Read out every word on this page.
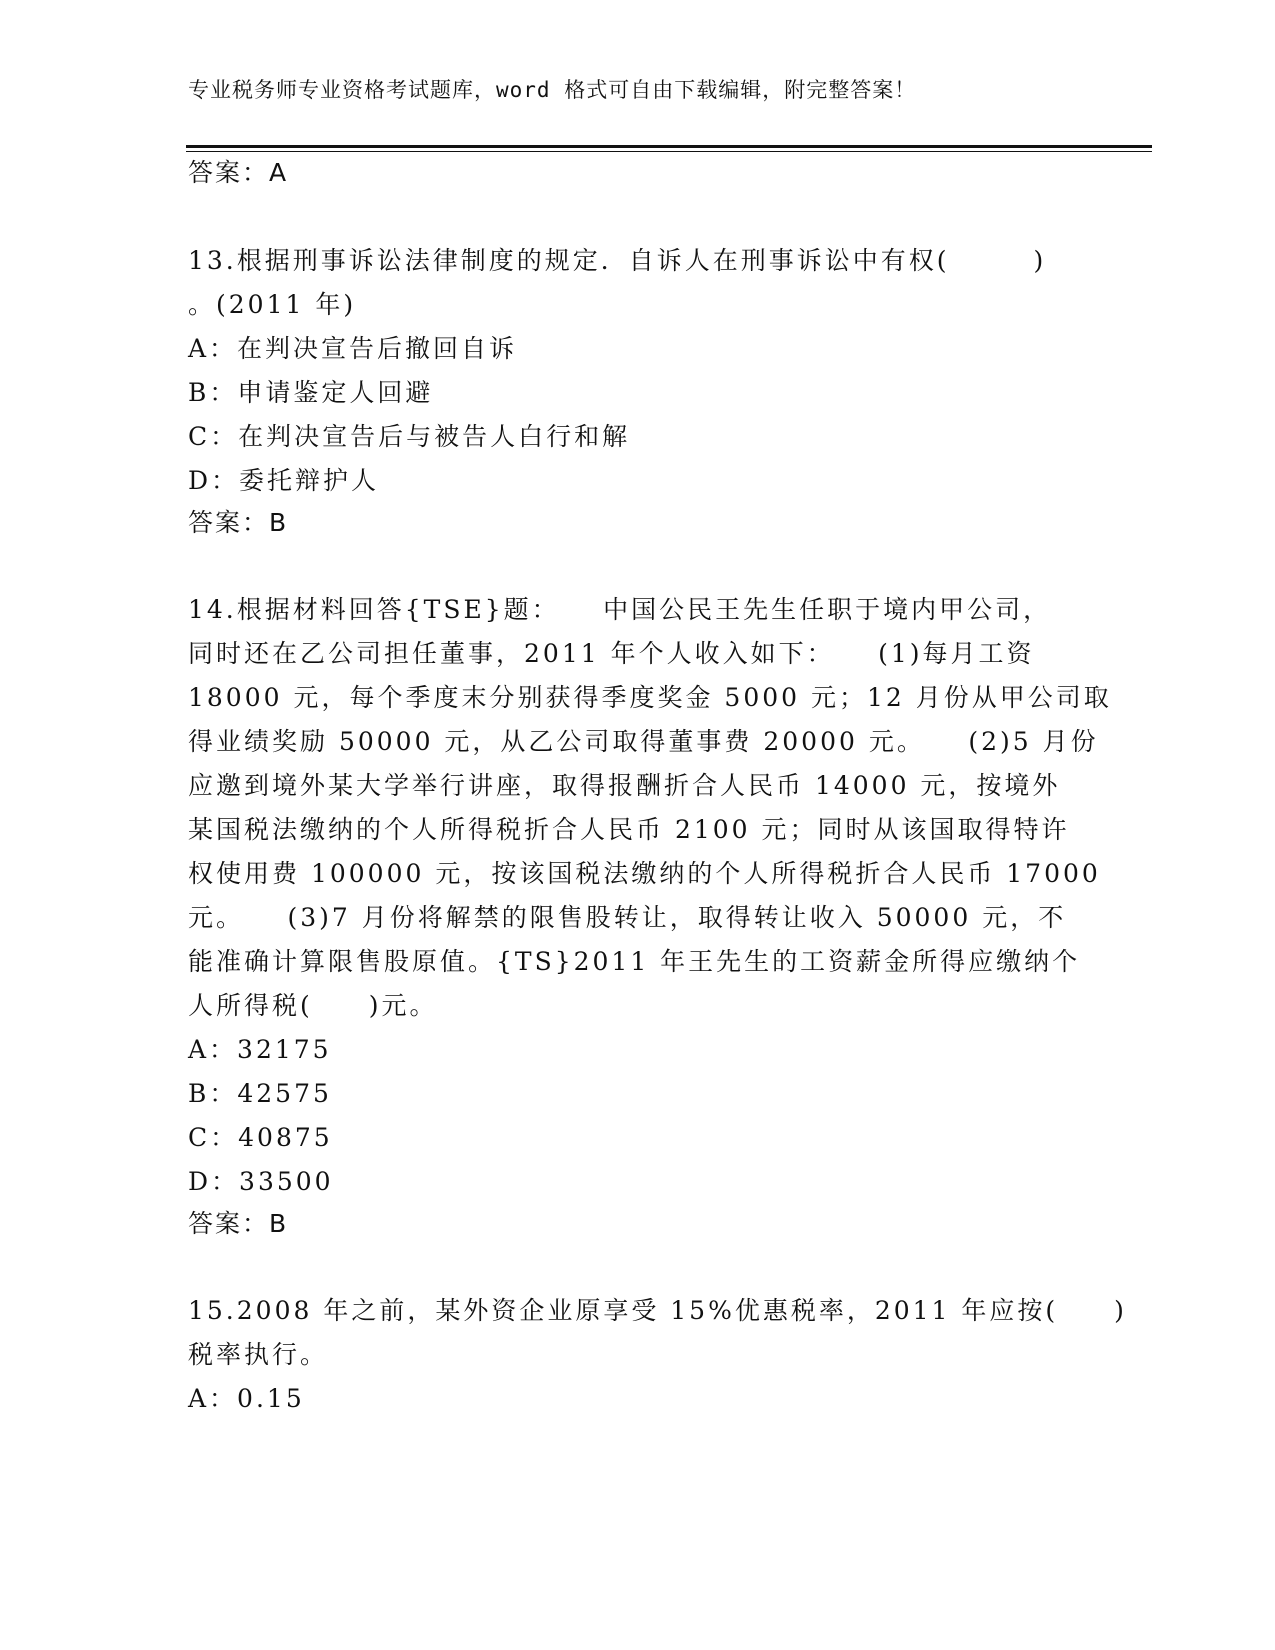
专业税务师专业资格考试题库，word 格式可自由下载编辑，附完整答案！
答案：A
13.根据刑事诉讼法律制度的规定．自诉人在刑事诉讼中有权(　　　)
。(2011 年)
A：在判决宣告后撤回自诉
B：申请鉴定人回避
C：在判决宣告后与被告人白行和解
D：委托辩护人
答案：B
14.根据材料回答{TSE}题：　　中国公民王先生任职于境内甲公司，
同时还在乙公司担任董事，2011 年个人收入如下：　　(1)每月工资
18000 元，每个季度末分别获得季度奖金 5000 元；12 月份从甲公司取
得业绩奖励 50000 元，从乙公司取得董事费 20000 元。　　(2)5 月份
应邀到境外某大学举行讲座，取得报酬折合人民币 14000 元，按境外
某国税法缴纳的个人所得税折合人民币 2100 元；同时从该国取得特许
权使用费 100000 元，按该国税法缴纳的个人所得税折合人民币 17000
元。　　(3)7 月份将解禁的限售股转让，取得转让收入 50000 元，不
能准确计算限售股原值。{TS}2011 年王先生的工资薪金所得应缴纳个
人所得税(　　)元。
A：32175
B：42575
C：40875
D：33500
答案：B
15.2008 年之前，某外资企业原享受 15%优惠税率，2011 年应按(　　)
税率执行。
A：0.15
